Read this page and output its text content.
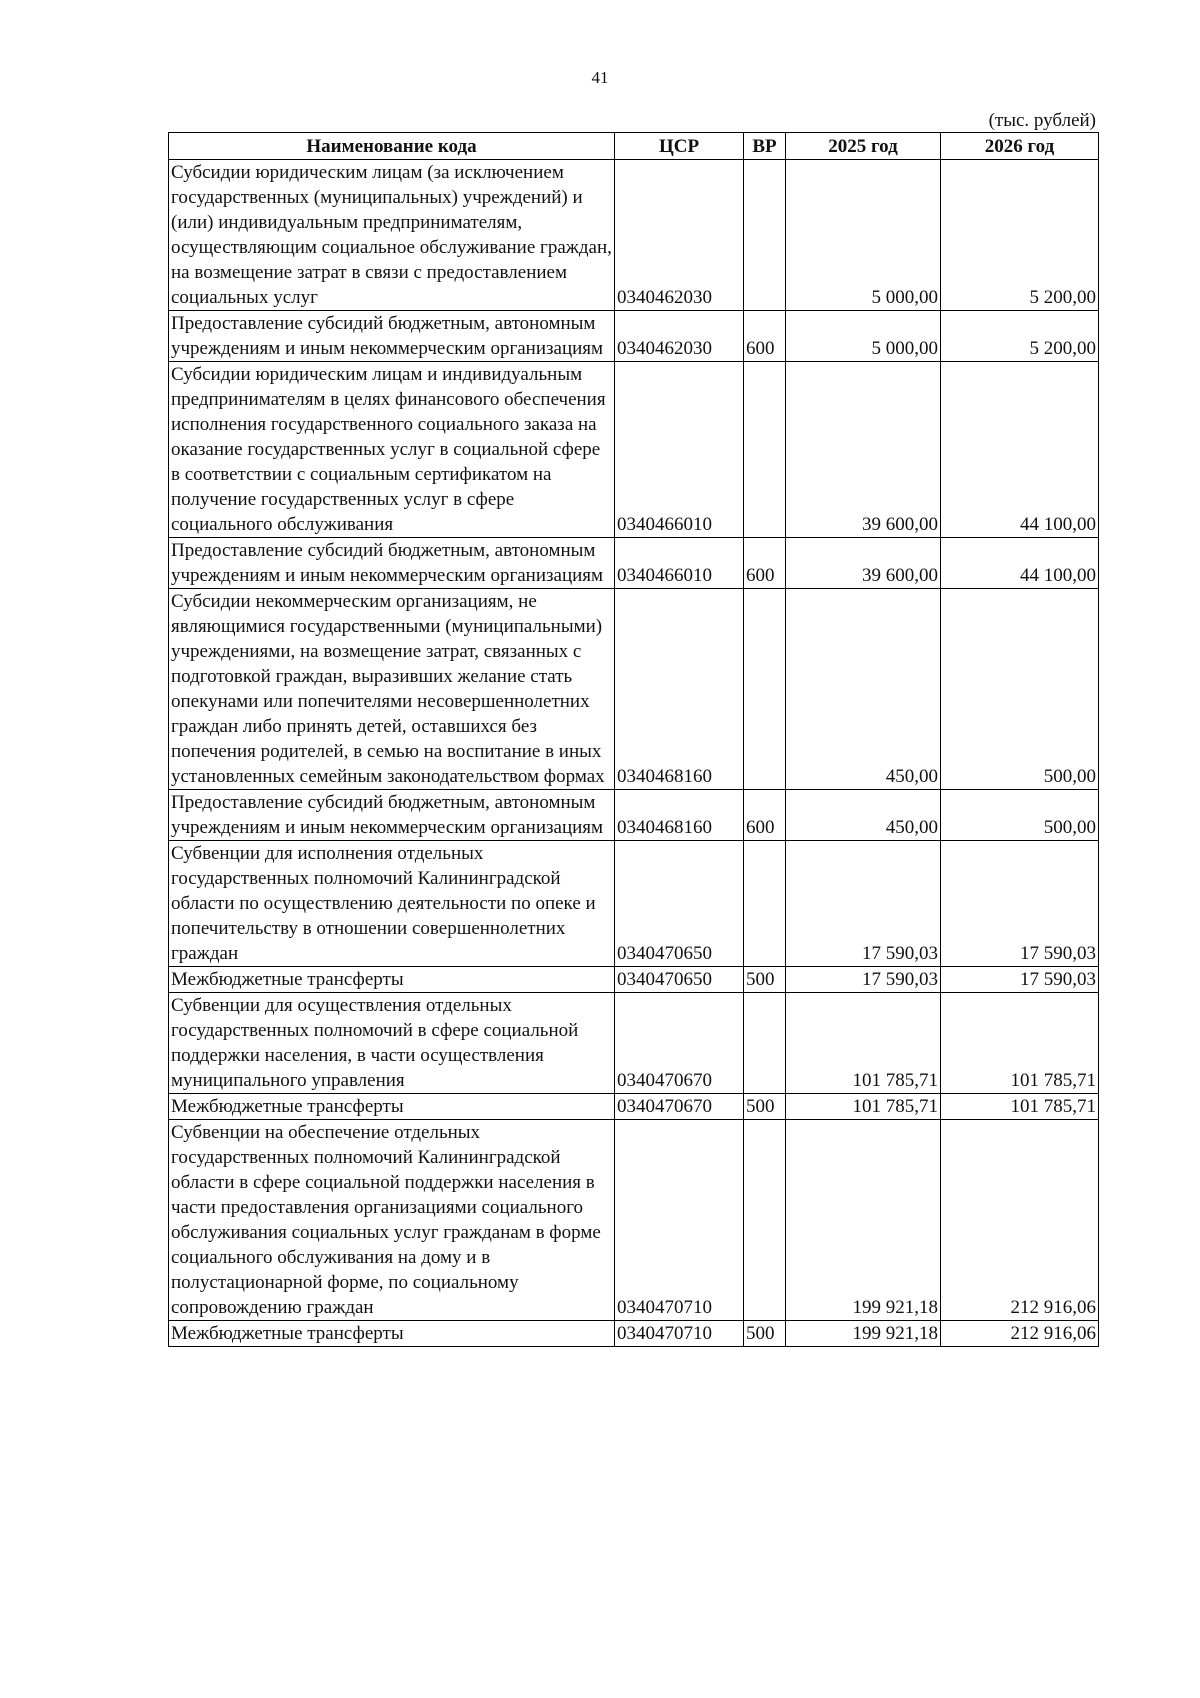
41
(тыс. рублей)
Наименование кода	ЦСР	ВР	2025 год	2026 год
Субсидии юридическим лицам (за исключением государственных (муниципальных) учреждений) и (или) индивидуальным предпринимателям, осуществляющим социальное обслуживание граждан, на возмещение затрат в связи с предоставлением социальных услуг	0340462030		5 000,00	5 200,00
Предоставление субсидий бюджетным, автономным учреждениям и иным некоммерческим организациям	0340462030	600	5 000,00	5 200,00
Субсидии юридическим лицам и индивидуальным предпринимателям в целях финансового обеспечения исполнения государственного социального заказа на оказание государственных услуг в социальной сфере в соответствии с социальным сертификатом на получение государственных услуг в сфере социального обслуживания	0340466010		39 600,00	44 100,00
Предоставление субсидий бюджетным, автономным учреждениям и иным некоммерческим организациям	0340466010	600	39 600,00	44 100,00
Субсидии некоммерческим организациям, не являющимися государственными (муниципальными) учреждениями, на возмещение затрат, связанных с подготовкой граждан, выразивших желание стать опекунами или попечителями несовершеннолетних граждан либо принять детей, оставшихся без попечения родителей, в семью на воспитание в иных установленных семейным законодательством формах	0340468160		450,00	500,00
Предоставление субсидий бюджетным, автономным учреждениям и иным некоммерческим организациям	0340468160	600	450,00	500,00
Субвенции для исполнения отдельных государственных полномочий Калининградской области по осуществлению деятельности по опеке и попечительству в отношении совершеннолетних граждан	0340470650		17 590,03	17 590,03
Межбюджетные трансферты	0340470650	500	17 590,03	17 590,03
Субвенции для осуществления отдельных государственных полномочий в сфере социальной поддержки населения, в части осуществления муниципального управления	0340470670		101 785,71	101 785,71
Межбюджетные трансферты	0340470670	500	101 785,71	101 785,71
Субвенции на обеспечение отдельных государственных полномочий Калининградской области в сфере социальной поддержки населения в части предоставления организациями социального обслуживания социальных услуг гражданам в форме социального обслуживания на дому и в полустационарной форме, по социальному сопровождению граждан	0340470710		199 921,18	212 916,06
Межбюджетные трансферты	0340470710	500	199 921,18	212 916,06
